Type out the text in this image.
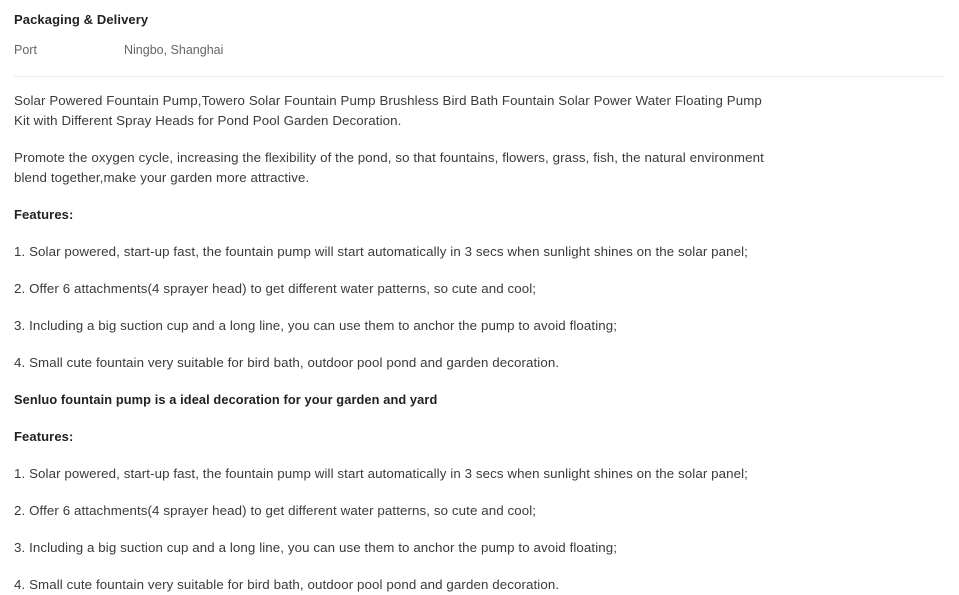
Packaging & Delivery
Port	Ningbo, Shanghai

Solar Powered Fountain Pump,Towero Solar Fountain Pump Brushless Bird Bath Fountain Solar Power Water Floating Pump Kit with Different Spray Heads for Pond Pool Garden Decoration.

Promote the oxygen cycle, increasing the flexibility of the pond, so that fountains, flowers, grass, fish, the natural environment blend together,make your garden more attractive.

Features:

1. Solar powered, start-up fast, the fountain pump will start automatically in 3 secs when sunlight shines on the solar panel;

2. Offer 6 attachments(4 sprayer head) to get different water patterns, so cute and cool;

3. Including a big suction cup and a long line, you can use them to anchor the pump to avoid floating;

4. Small cute fountain very suitable for bird bath, outdoor pool pond and garden decoration.

Senluo fountain pump is a ideal decoration for your garden and yard

Features:

1. Solar powered, start-up fast, the fountain pump will start automatically in 3 secs when sunlight shines on the solar panel;

2. Offer 6 attachments(4 sprayer head) to get different water patterns, so cute and cool;

3. Including a big suction cup and a long line, you can use them to anchor the pump to avoid floating;

4. Small cute fountain very suitable for bird bath, outdoor pool pond and garden decoration.
